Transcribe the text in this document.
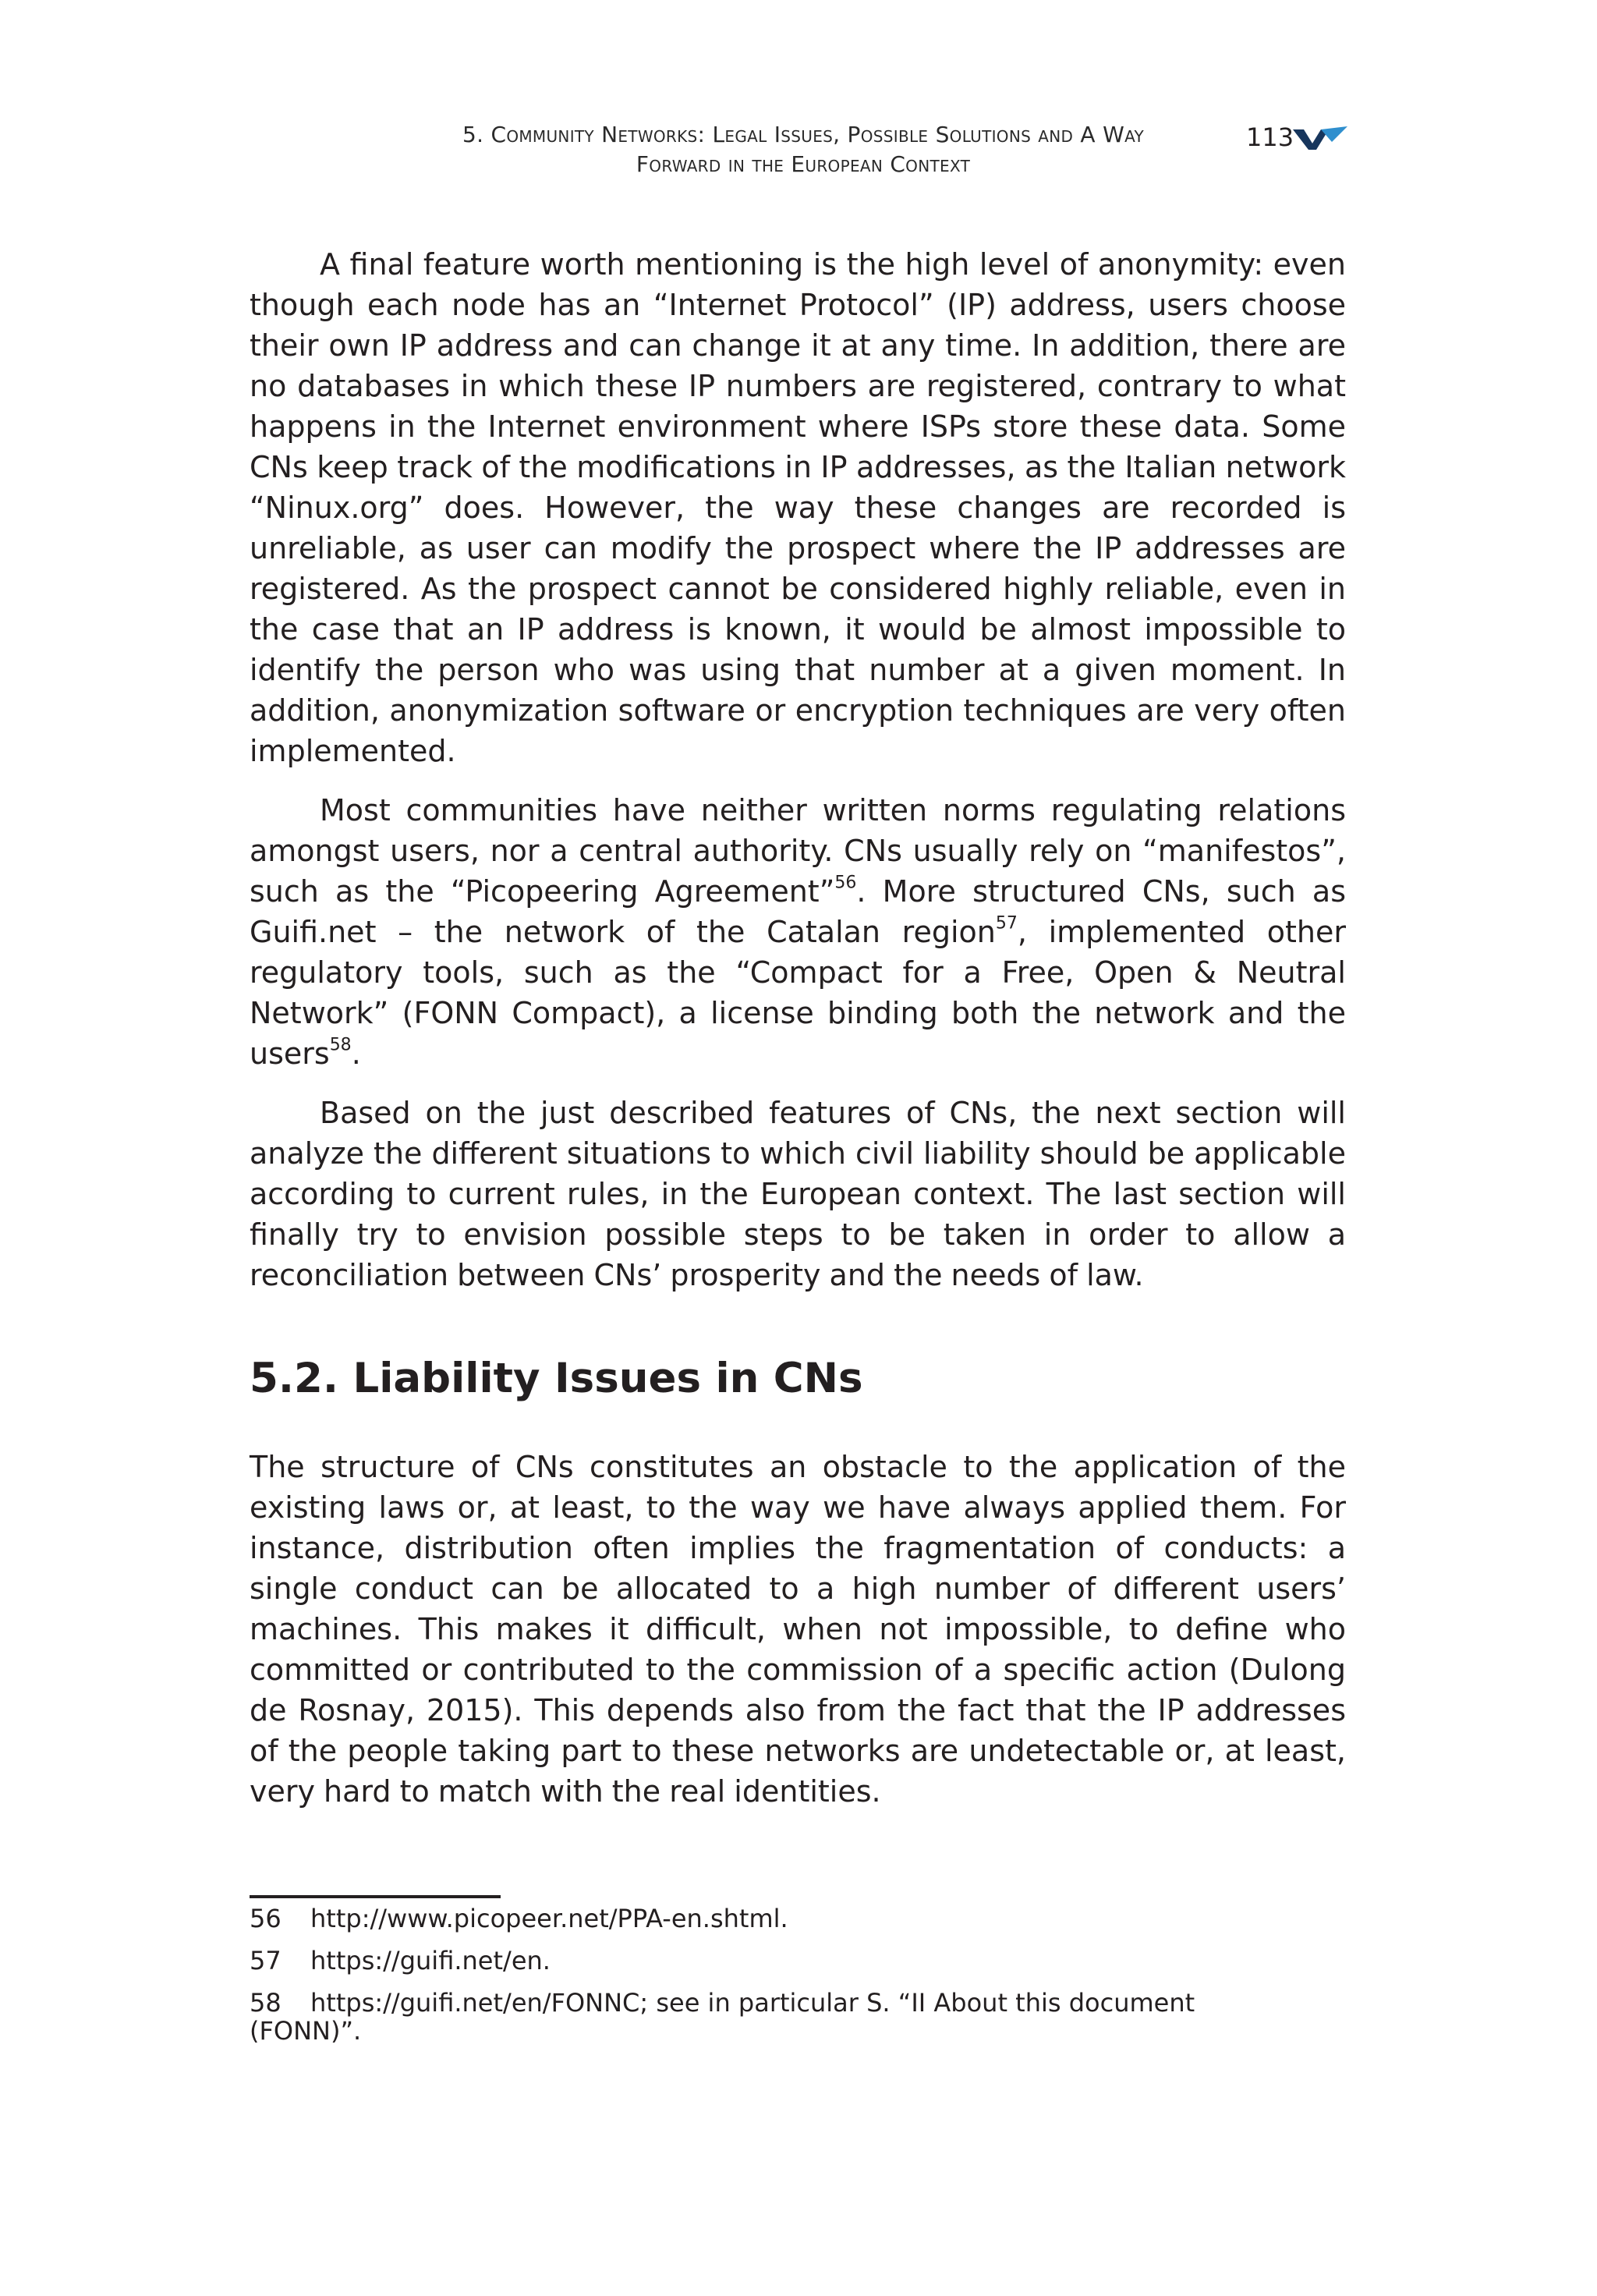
5. Community Networks: Legal Issues, Possible Solutions and A Way
Forward in the European Context
113

A final feature worth mentioning is the high level of anonymity: even though each node has an “Internet Protocol” (IP) address, users choose their own IP address and can change it at any time. In addition, there are no databases in which these IP numbers are registered, contrary to what happens in the Internet environment where ISPs store these data. Some CNs keep track of the modifications in IP addresses, as the Italian network “Ninux.org” does. However, the way these changes are recorded is unreliable, as user can modify the prospect where the IP addresses are registered. As the prospect cannot be considered highly reliable, even in the case that an IP address is known, it would be almost impossible to identify the person who was using that number at a given moment. In addition, anonymization software or encryption techniques are very often implemented.

Most communities have neither written norms regulating relations amongst users, nor a central authority. CNs usually rely on “manifestos”, such as the “Picopeering Agreement”$^{56}$. More structured CNs, such as Guifi.net – the network of the Catalan region$^{57}$, implemented other regulatory tools, such as the “Compact for a Free, Open & Neutral Network” (FONN Compact), a license binding both the network and the users$^{58}$.

Based on the just described features of CNs, the next section will analyze the different situations to which civil liability should be applicable according to current rules, in the European context. The last section will finally try to envision possible steps to be taken in order to allow a reconciliation between CNs’ prosperity and the needs of law.

5.2. Liability Issues in CNs

The structure of CNs constitutes an obstacle to the application of the existing laws or, at least, to the way we have always applied them. For instance, distribution often implies the fragmentation of conducts: a single conduct can be allocated to a high number of different users’ machines. This makes it difficult, when not impossible, to define who committed or contributed to the commission of a specific action (Dulong de Rosnay, 2015). This depends also from the fact that the IP addresses of the people taking part to these networks are undetectable or, at least, very hard to match with the real identities.

56 http://www.picopeer.net/PPA-en.shtml.
57 https://guifi.net/en.
58 https://guifi.net/en/FONNC; see in particular S. “II About this document (FONN)”.
